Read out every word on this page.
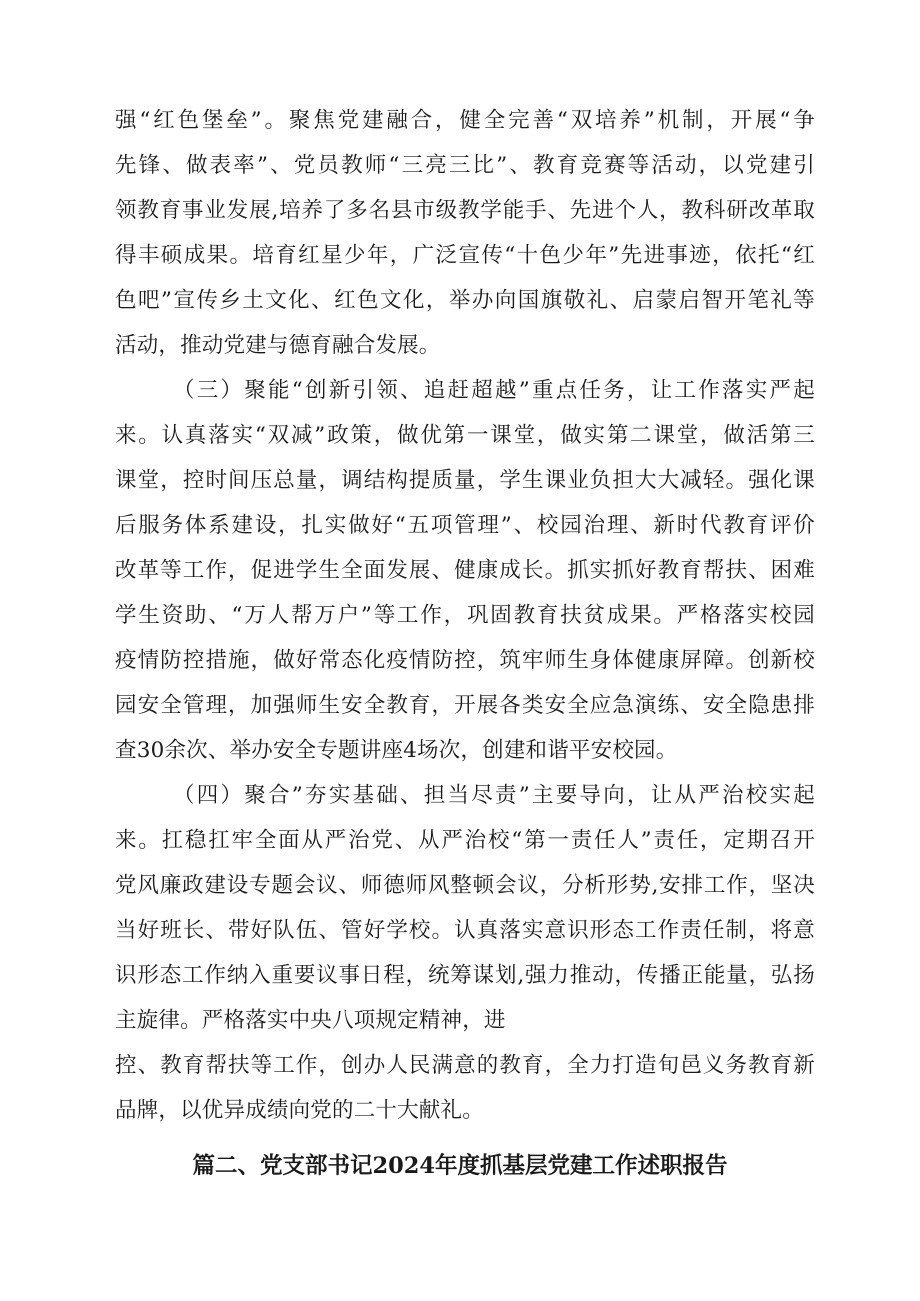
强“红色堡垒”。聚焦党建融合，健全完善“双培养”机制，开展“争
先锋、做表率”、党员教师“三亮三比”、教育竞赛等活动，以党建引
领教育事业发展,培养了多名县市级教学能手、先进个人，教科研改革取
得丰硕成果。培育红星少年，广泛宣传“十色少年”先进事迹，依托“红
色吧”宣传乡土文化、红色文化，举办向国旗敬礼、启蒙启智开笔礼等
活动，推动党建与德育融合发展。
（三）聚能“创新引领、追赶超越”重点任务，让工作落实严起
来。认真落实“双减”政策，做优第一课堂，做实第二课堂，做活第三
课堂，控时间压总量，调结构提质量，学生课业负担大大减轻。强化课
后服务体系建设，扎实做好“五项管理”、校园治理、新时代教育评价
改革等工作，促进学生全面发展、健康成长。抓实抓好教育帮扶、困难
学生资助、“万人帮万户”等工作，巩固教育扶贫成果。严格落实校园
疫情防控措施，做好常态化疫情防控，筑牢师生身体健康屏障。创新校
园安全管理，加强师生安全教育，开展各类安全应急演练、安全隐患排
查30余次、举办安全专题讲座4场次，创建和谐平安校园。
（四）聚合”夯实基础、担当尽责”主要导向，让从严治校实起
来。扛稳扛牢全面从严治党、从严治校“第一责任人”责任，定期召开
党风廉政建设专题会议、师德师风整顿会议，分析形势,安排工作，坚决
当好班长、带好队伍、管好学校。认真落实意识形态工作责任制，将意
识形态工作纳入重要议事日程，统筹谋划,强力推动，传播正能量，弘扬
主旋律。严格落实中央八项规定精神，进
控、教育帮扶等工作，创办人民满意的教育，全力打造旬邑义务教育新
品牌，以优异成绩向党的二十大献礼。
篇二、党支部书记2024年度抓基层党建工作述职报告
